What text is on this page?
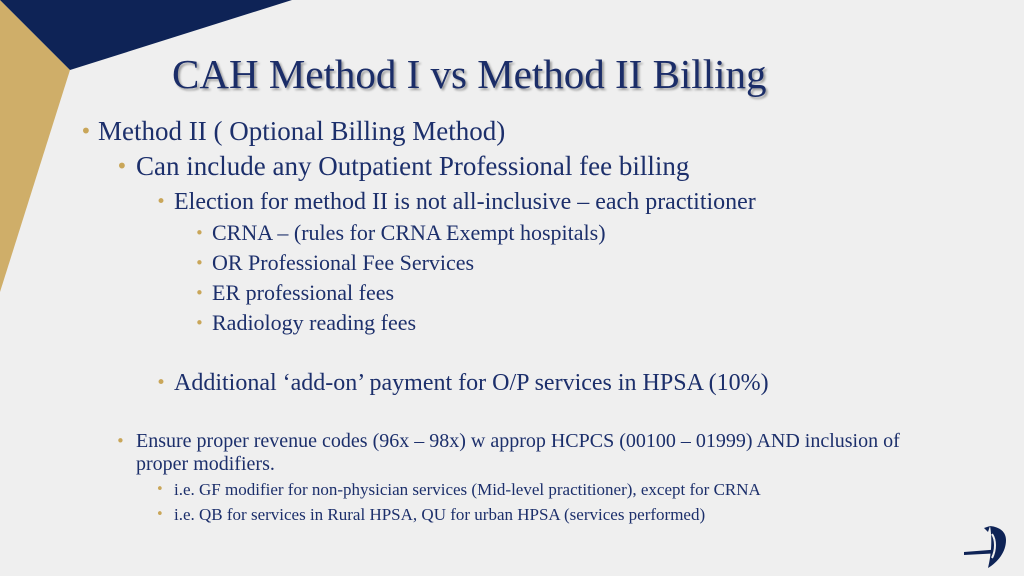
CAH Method I vs Method II Billing
• Method II ( Optional Billing Method)
• Can include any Outpatient Professional fee billing
• Election for method II is not all-inclusive – each practitioner
• CRNA – (rules for CRNA Exempt hospitals)
• OR Professional Fee Services
• ER professional fees
• Radiology reading fees
• Additional ‘add-on’ payment for O/P services in HPSA (10%)
• Ensure proper revenue codes (96x – 98x) w approp HCPCS (00100 – 01999) AND inclusion of proper modifiers.
• i.e. GF modifier for non-physician services (Mid-level practitioner), except for CRNA
• i.e. QB for services in Rural HPSA, QU for urban HPSA (services performed)
